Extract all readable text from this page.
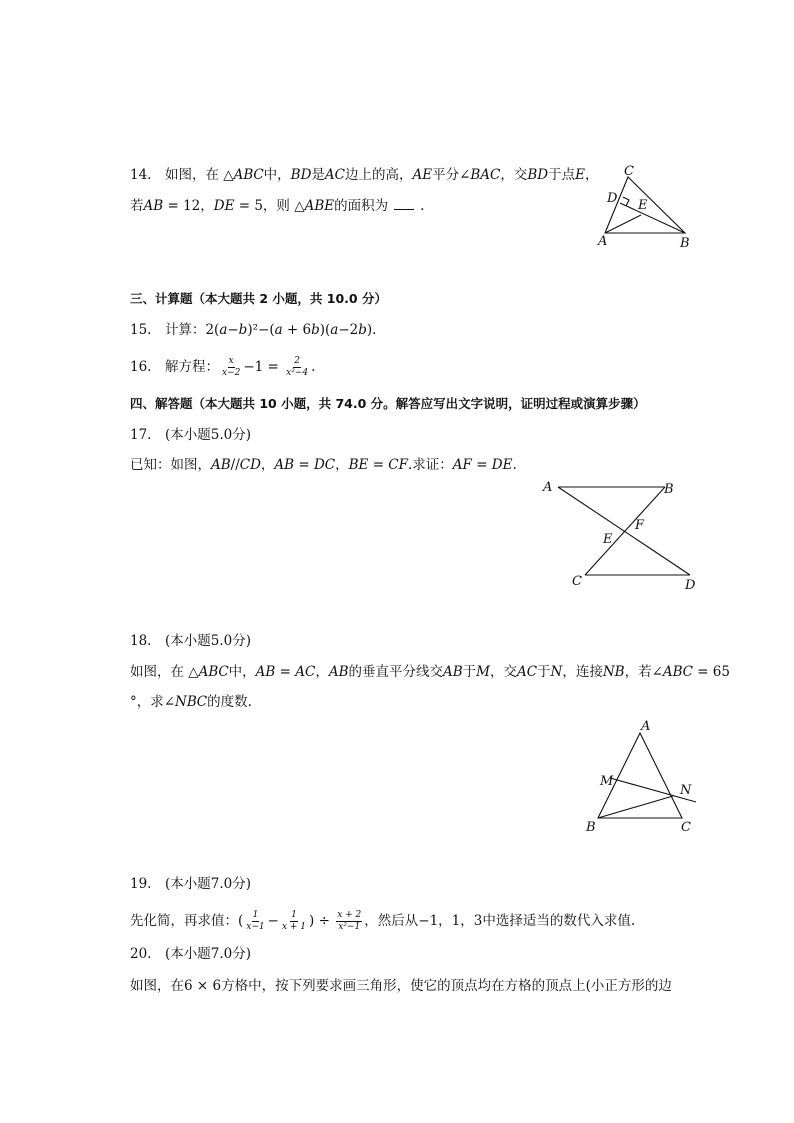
14.　如图，在 △𝐴𝐵𝐶中，𝐵𝐷是𝐴𝐶边上的高，𝐴𝐸平分∠𝐵𝐴𝐶，交𝐵𝐷于点𝐸，
若𝐴𝐵 = 12，𝐷𝐸 = 5，则 △𝐴𝐵𝐸的面积为 .
C
D E
A	B
三、计算题（本大题共 2 小题，共 10.0 分）
15.　计算：2(𝑎−𝑏)²−(𝑎 + 6𝑏)(𝑎−2𝑏).
16.　解方程： $\frac{x}{x-2} -1 = \frac{2}{\text{x²−4}}$ .
四、解答题（本大题共 10 小题，共 74.0 分。解答应写出文字说明，证明过程或演算步骤）
17.　(本小题5.0分)
已知：如图，𝐴𝐵//𝐶𝐷，𝐴𝐵 = 𝐷𝐶，𝐵𝐸 = 𝐶𝐹.求证：𝐴𝐹 = 𝐷𝐸.
A	B
F
E
C	D
18.　(本小题5.0分)
如图，在 △𝐴𝐵𝐶中，𝐴𝐵 = 𝐴𝐶，𝐴𝐵的垂直平分线交𝐴𝐵于𝑀，交𝐴𝐶于𝑁，连接𝑁𝐵，若∠𝐴𝐵𝐶 = 65
°，求∠𝑁𝐵𝐶的度数.
A
M
N
B	C
19.　(本小题7.0分)
先化简，再求值：( $\frac{1}{x-1} - \frac{1}{x + 1}$ ) ÷ $\frac{x + 2}{\text{x²−1}}$ ，然后从−1，1，3中选择适当的数代入求值.
20.　(本小题7.0分)
如图，在6 × 6方格中，按下列要求画三角形，使它的顶点均在方格的顶点上(小正方形的边
